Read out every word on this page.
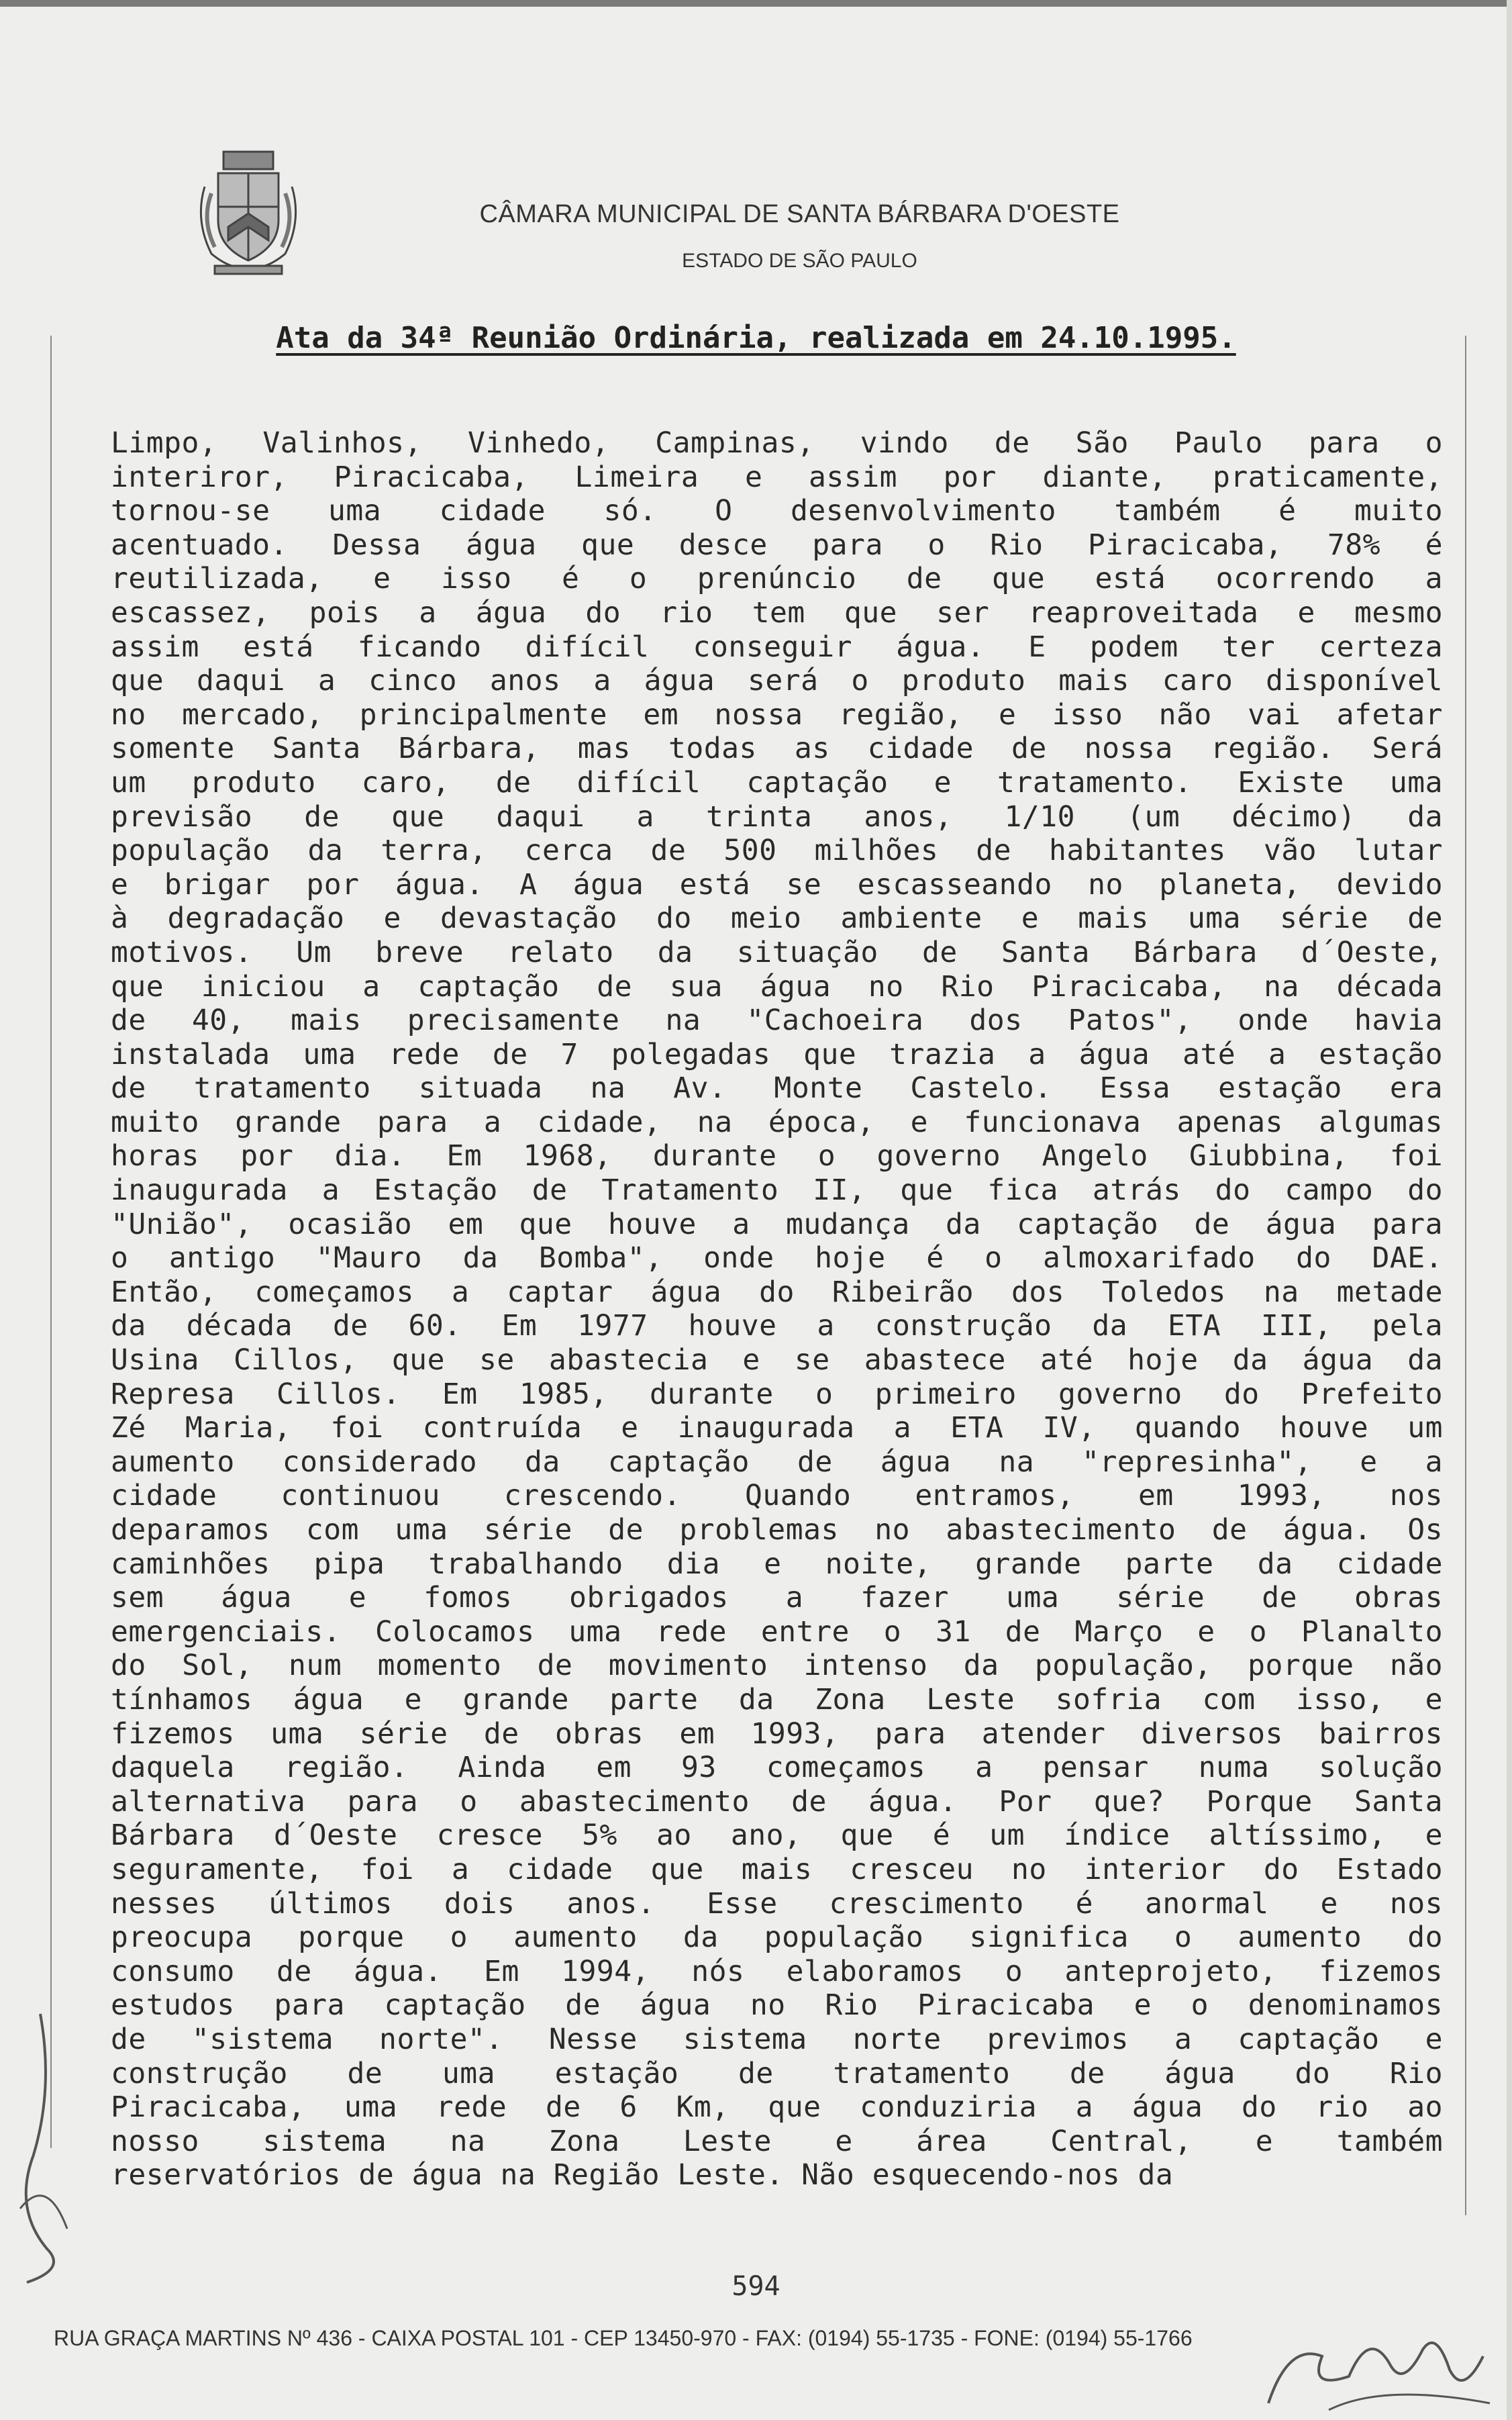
CÂMARA MUNICIPAL DE SANTA BÁRBARA D'OESTE
ESTADO DE SÃO PAULO
Ata da 34ª Reunião Ordinária, realizada em 24.10.1995.
Limpo, Valinhos, Vinhedo, Campinas, vindo de São Paulo para o
interiror, Piracicaba, Limeira e assim por diante, praticamente,
tornou-se uma cidade só. O desenvolvimento também é muito
acentuado. Dessa água que desce para o Rio Piracicaba, 78% é
reutilizada, e isso é o prenúncio de que está ocorrendo a
escassez, pois a água do rio tem que ser reaproveitada e mesmo
assim está ficando difícil conseguir água. E podem ter certeza
que daqui a cinco anos a água será o produto mais caro disponível
no mercado, principalmente em nossa região, e isso não vai afetar
somente Santa Bárbara, mas todas as cidade de nossa região. Será
um produto caro, de difícil captação e tratamento. Existe uma
previsão de que daqui a trinta anos, 1/10 (um décimo) da
população da terra, cerca de 500 milhões de habitantes vão lutar
e brigar por água. A água está se escasseando no planeta, devido
à degradação e devastação do meio ambiente e mais uma série de
motivos. Um breve relato da situação de Santa Bárbara d´Oeste,
que iniciou a captação de sua água no Rio Piracicaba, na década
de 40, mais precisamente na "Cachoeira dos Patos", onde havia
instalada uma rede de 7 polegadas que trazia a água até a estação
de tratamento situada na Av. Monte Castelo. Essa estação era
muito grande para a cidade, na época, e funcionava apenas algumas
horas por dia. Em 1968, durante o governo Angelo Giubbina, foi
inaugurada a Estação de Tratamento II, que fica atrás do campo do
"União", ocasião em que houve a mudança da captação de água para
o antigo "Mauro da Bomba", onde hoje é o almoxarifado do DAE.
Então, começamos a captar água do Ribeirão dos Toledos na metade
da década de 60. Em 1977 houve a construção da ETA III, pela
Usina Cillos, que se abastecia e se abastece até hoje da água da
Represa Cillos. Em 1985, durante o primeiro governo do Prefeito
Zé Maria, foi contruída e inaugurada a ETA IV, quando houve um
aumento considerado da captação de água na "represinha", e a
cidade continuou crescendo. Quando entramos, em 1993, nos
deparamos com uma série de problemas no abastecimento de água. Os
caminhões pipa trabalhando dia e noite, grande parte da cidade
sem água e fomos obrigados a fazer uma série de obras
emergenciais. Colocamos uma rede entre o 31 de Março e o Planalto
do Sol, num momento de movimento intenso da população, porque não
tínhamos água e grande parte da Zona Leste sofria com isso, e
fizemos uma série de obras em 1993, para atender diversos bairros
daquela região. Ainda em 93 começamos a pensar numa solução
alternativa para o abastecimento de água. Por que? Porque Santa
Bárbara d´Oeste cresce 5% ao ano, que é um índice altíssimo, e
seguramente, foi a cidade que mais cresceu no interior do Estado
nesses últimos dois anos. Esse crescimento é anormal e nos
preocupa porque o aumento da população significa o aumento do
consumo de água. Em 1994, nós elaboramos o anteprojeto, fizemos
estudos para captação de água no Rio Piracicaba e o denominamos
de "sistema norte". Nesse sistema norte previmos a captação e
construção de uma estação de tratamento de água do Rio
Piracicaba, uma rede de 6 Km, que conduziria a água do rio ao
nosso sistema na Zona Leste e área Central, e também
reservatórios de água na Região Leste. Não esquecendo-nos da
594
RUA GRAÇA MARTINS Nº 436 - CAIXA POSTAL 101 - CEP 13450-970 - FAX: (0194) 55-1735 - FONE: (0194) 55-1766
